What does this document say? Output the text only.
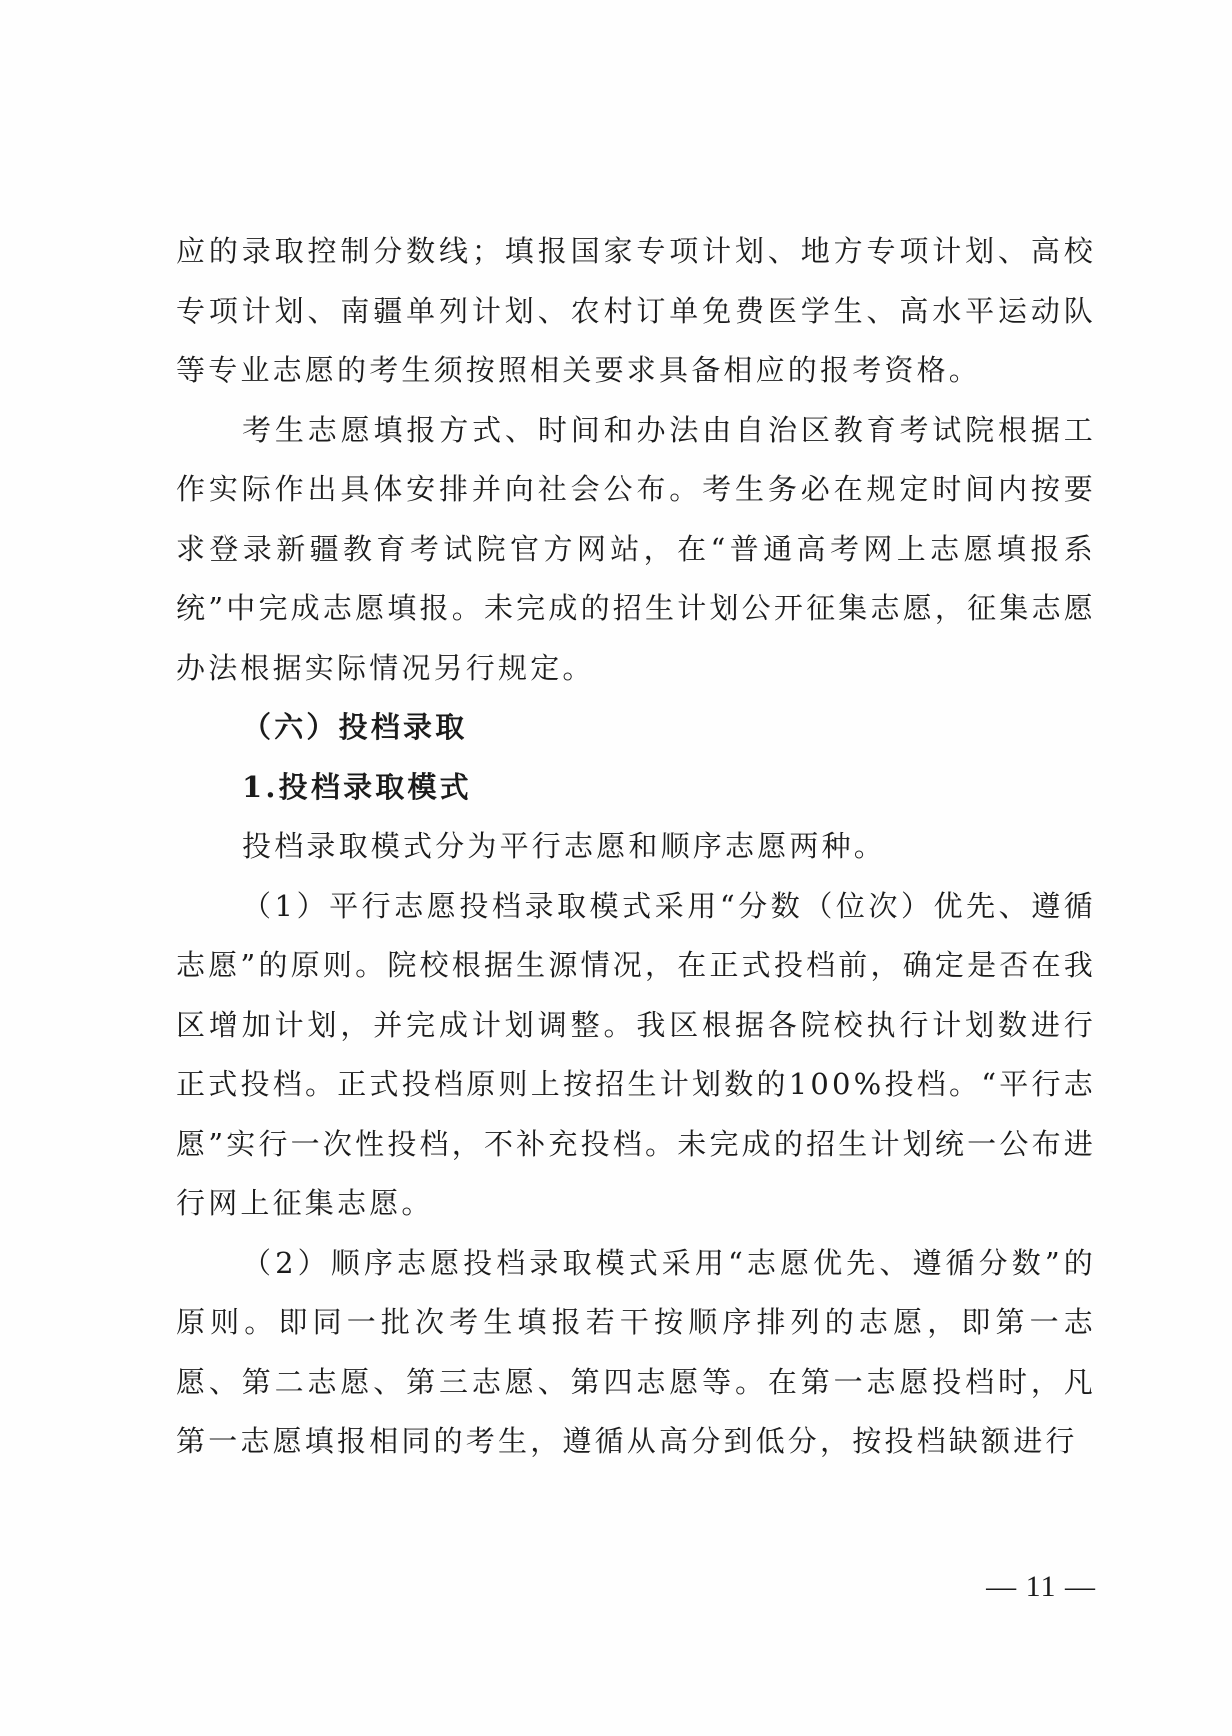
应的录取控制分数线；填报国家专项计划、地方专项计划、高校专项计划、南疆单列计划、农村订单免费医学生、高水平运动队等专业志愿的考生须按照相关要求具备相应的报考资格。

考生志愿填报方式、时间和办法由自治区教育考试院根据工作实际作出具体安排并向社会公布。考生务必在规定时间内按要求登录新疆教育考试院官方网站，在“普通高考网上志愿填报系统”中完成志愿填报。未完成的招生计划公开征集志愿，征集志愿办法根据实际情况另行规定。

（六）投档录取

1.投档录取模式

投档录取模式分为平行志愿和顺序志愿两种。

（1）平行志愿投档录取模式采用“分数（位次）优先、遵循志愿”的原则。院校根据生源情况，在正式投档前，确定是否在我区增加计划，并完成计划调整。我区根据各院校执行计划数进行正式投档。正式投档原则上按招生计划数的100%投档。“平行志愿”实行一次性投档，不补充投档。未完成的招生计划统一公布进行网上征集志愿。

（2）顺序志愿投档录取模式采用“志愿优先、遵循分数”的原则。即同一批次考生填报若干按顺序排列的志愿，即第一志愿、第二志愿、第三志愿、第四志愿等。在第一志愿投档时，凡第一志愿填报相同的考生，遵循从高分到低分，按投档缺额进行

— 11 —
